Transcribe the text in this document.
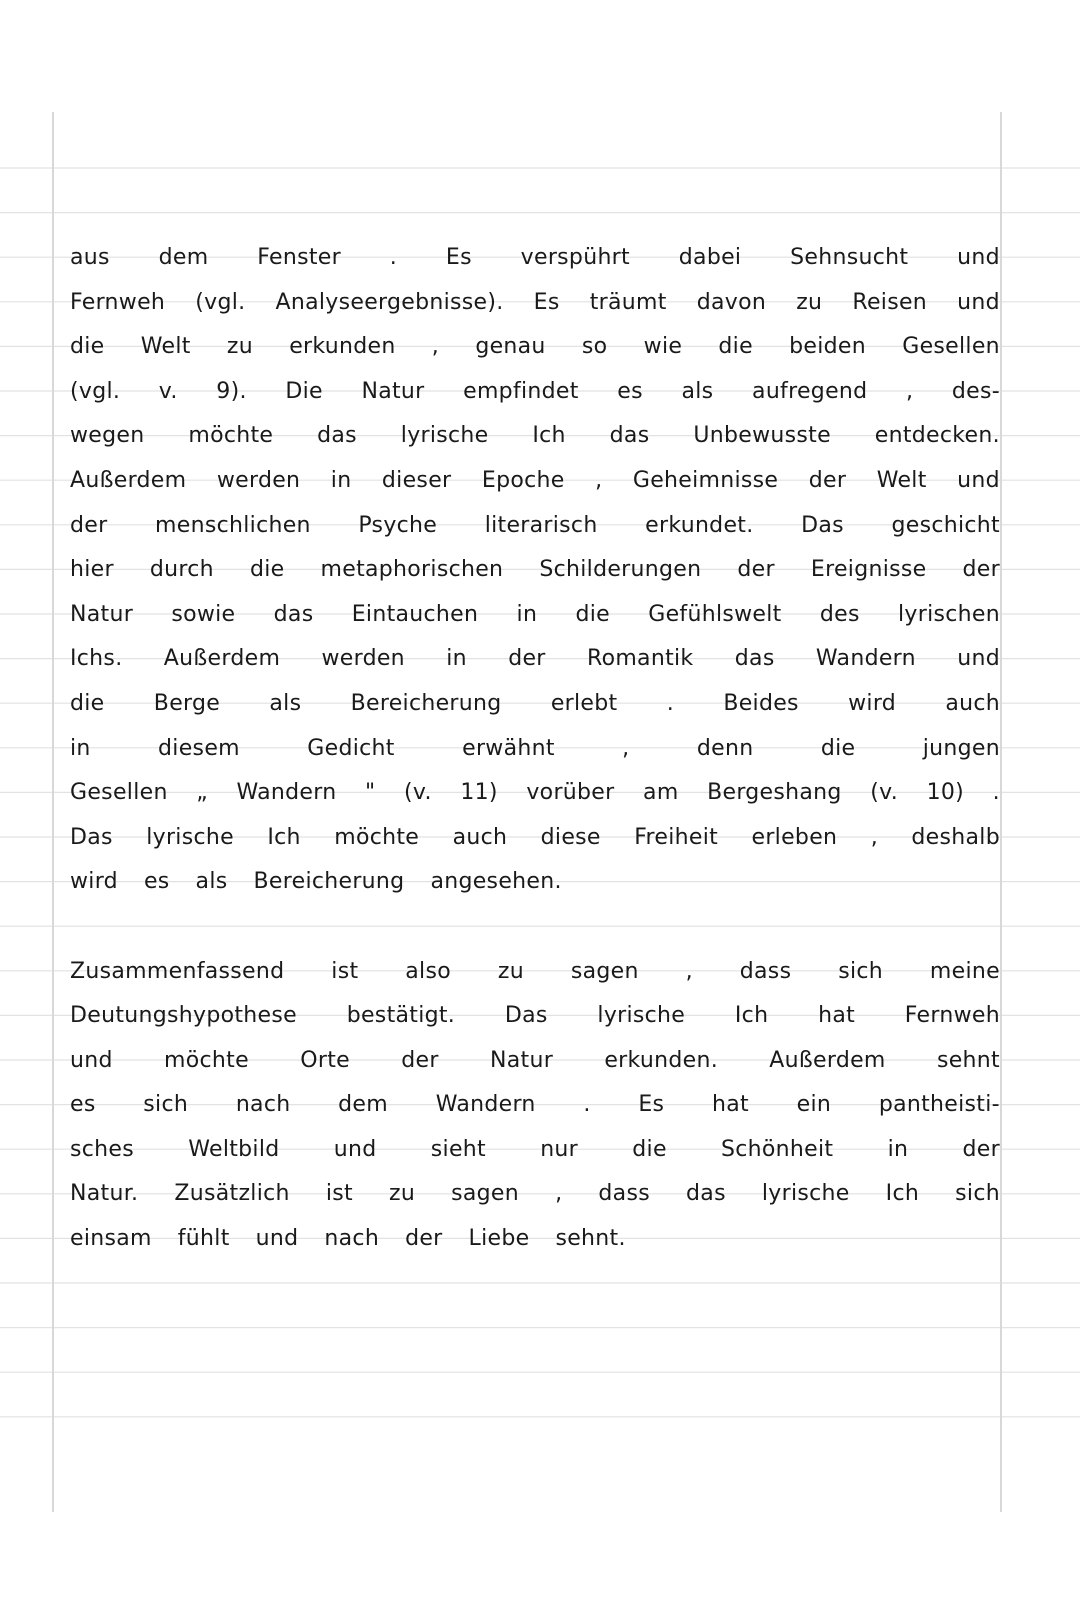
aus dem Fenster . Es verspührt dabei Sehnsucht und
Fernweh (vgl. Analyseergebnisse). Es träumt davon zu Reisen und
die Welt zu erkunden , genau so wie die beiden Gesellen
(vgl. v. 9). Die Natur empfindet es als aufregend , des-
wegen möchte das lyrische Ich das Unbewusste entdecken.
Außerdem werden in dieser Epoche , Geheimnisse der Welt und
der menschlichen Psyche literarisch erkundet. Das geschicht
hier durch die metaphorischen Schilderungen der Ereignisse der
Natur sowie das Eintauchen in die Gefühlswelt des lyrischen
Ichs. Außerdem werden in der Romantik das Wandern und
die Berge als Bereicherung erlebt . Beides wird auch
in	diesem	Gedicht	erwähnt	,	denn	die	jungen
Gesellen „ Wandern " (v. 11) vorüber am Bergeshang (v. 10) .
Das lyrische Ich möchte auch diese Freiheit erleben , deshalb
wird es als Bereicherung angesehen.
Zusammenfassend ist also zu sagen , dass sich meine
Deutungshypothese bestätigt. Das lyrische Ich hat Fernweh
und möchte Orte der Natur erkunden. Außerdem sehnt
es sich nach dem Wandern . Es hat ein pantheisti-
sches Weltbild und sieht nur die Schönheit in der
Natur. Zusätzlich ist zu sagen , dass das lyrische Ich sich
einsam fühlt und nach der Liebe sehnt.
